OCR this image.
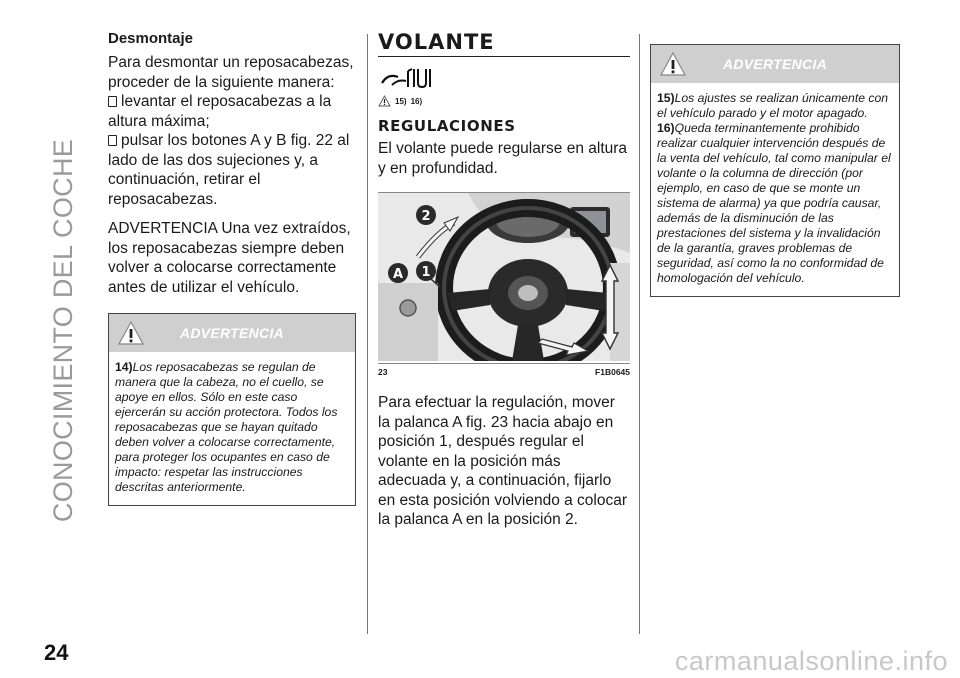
CONOCIMIENTO DEL COCHE
Desmontaje

Para desmontar un reposacabezas, proceder de la siguiente manera:

levantar el reposacabezas a la altura máxima;

pulsar los botones A y B fig. 22 al lado de las dos sujeciones y, a continuación, retirar el reposacabezas.

ADVERTENCIA Una vez extraídos, los reposacabezas siempre deben volver a colocarse correctamente antes de utilizar el vehículo.

ADVERTENCIA

14)Los reposacabezas se regulan de manera que la cabeza, no el cuello, se apoye en ellos. Sólo en este caso ejercerán su acción protectora. Todos los reposacabezas que se hayan quitado deben volver a colocarse correctamente, para proteger los ocupantes en caso de impacto: respetar las instrucciones descritas anteriormente.

VOLANTE
15) 16)
REGULACIONES

El volante puede regularse en altura y en profundidad.

2
A 1
23	F1B0645

Para efectuar la regulación, mover la palanca A fig. 23 hacia abajo en posición 1, después regular el volante en la posición más adecuada y, a continuación, fijarlo en esta posición volviendo a colocar la palanca A en la posición 2.

ADVERTENCIA

15)Los ajustes se realizan únicamente con el vehículo parado y el motor apagado.

16)Queda terminantemente prohibido realizar cualquier intervención después de la venta del vehículo, tal como manipular el volante o la columna de dirección (por ejemplo, en caso de que se monte un sistema de alarma) ya que podría causar, además de la disminución de las prestaciones del sistema y la invalidación de la garantía, graves problemas de seguridad, así como la no conformidad de homologación del vehículo.

24	carmanualsonline.info
